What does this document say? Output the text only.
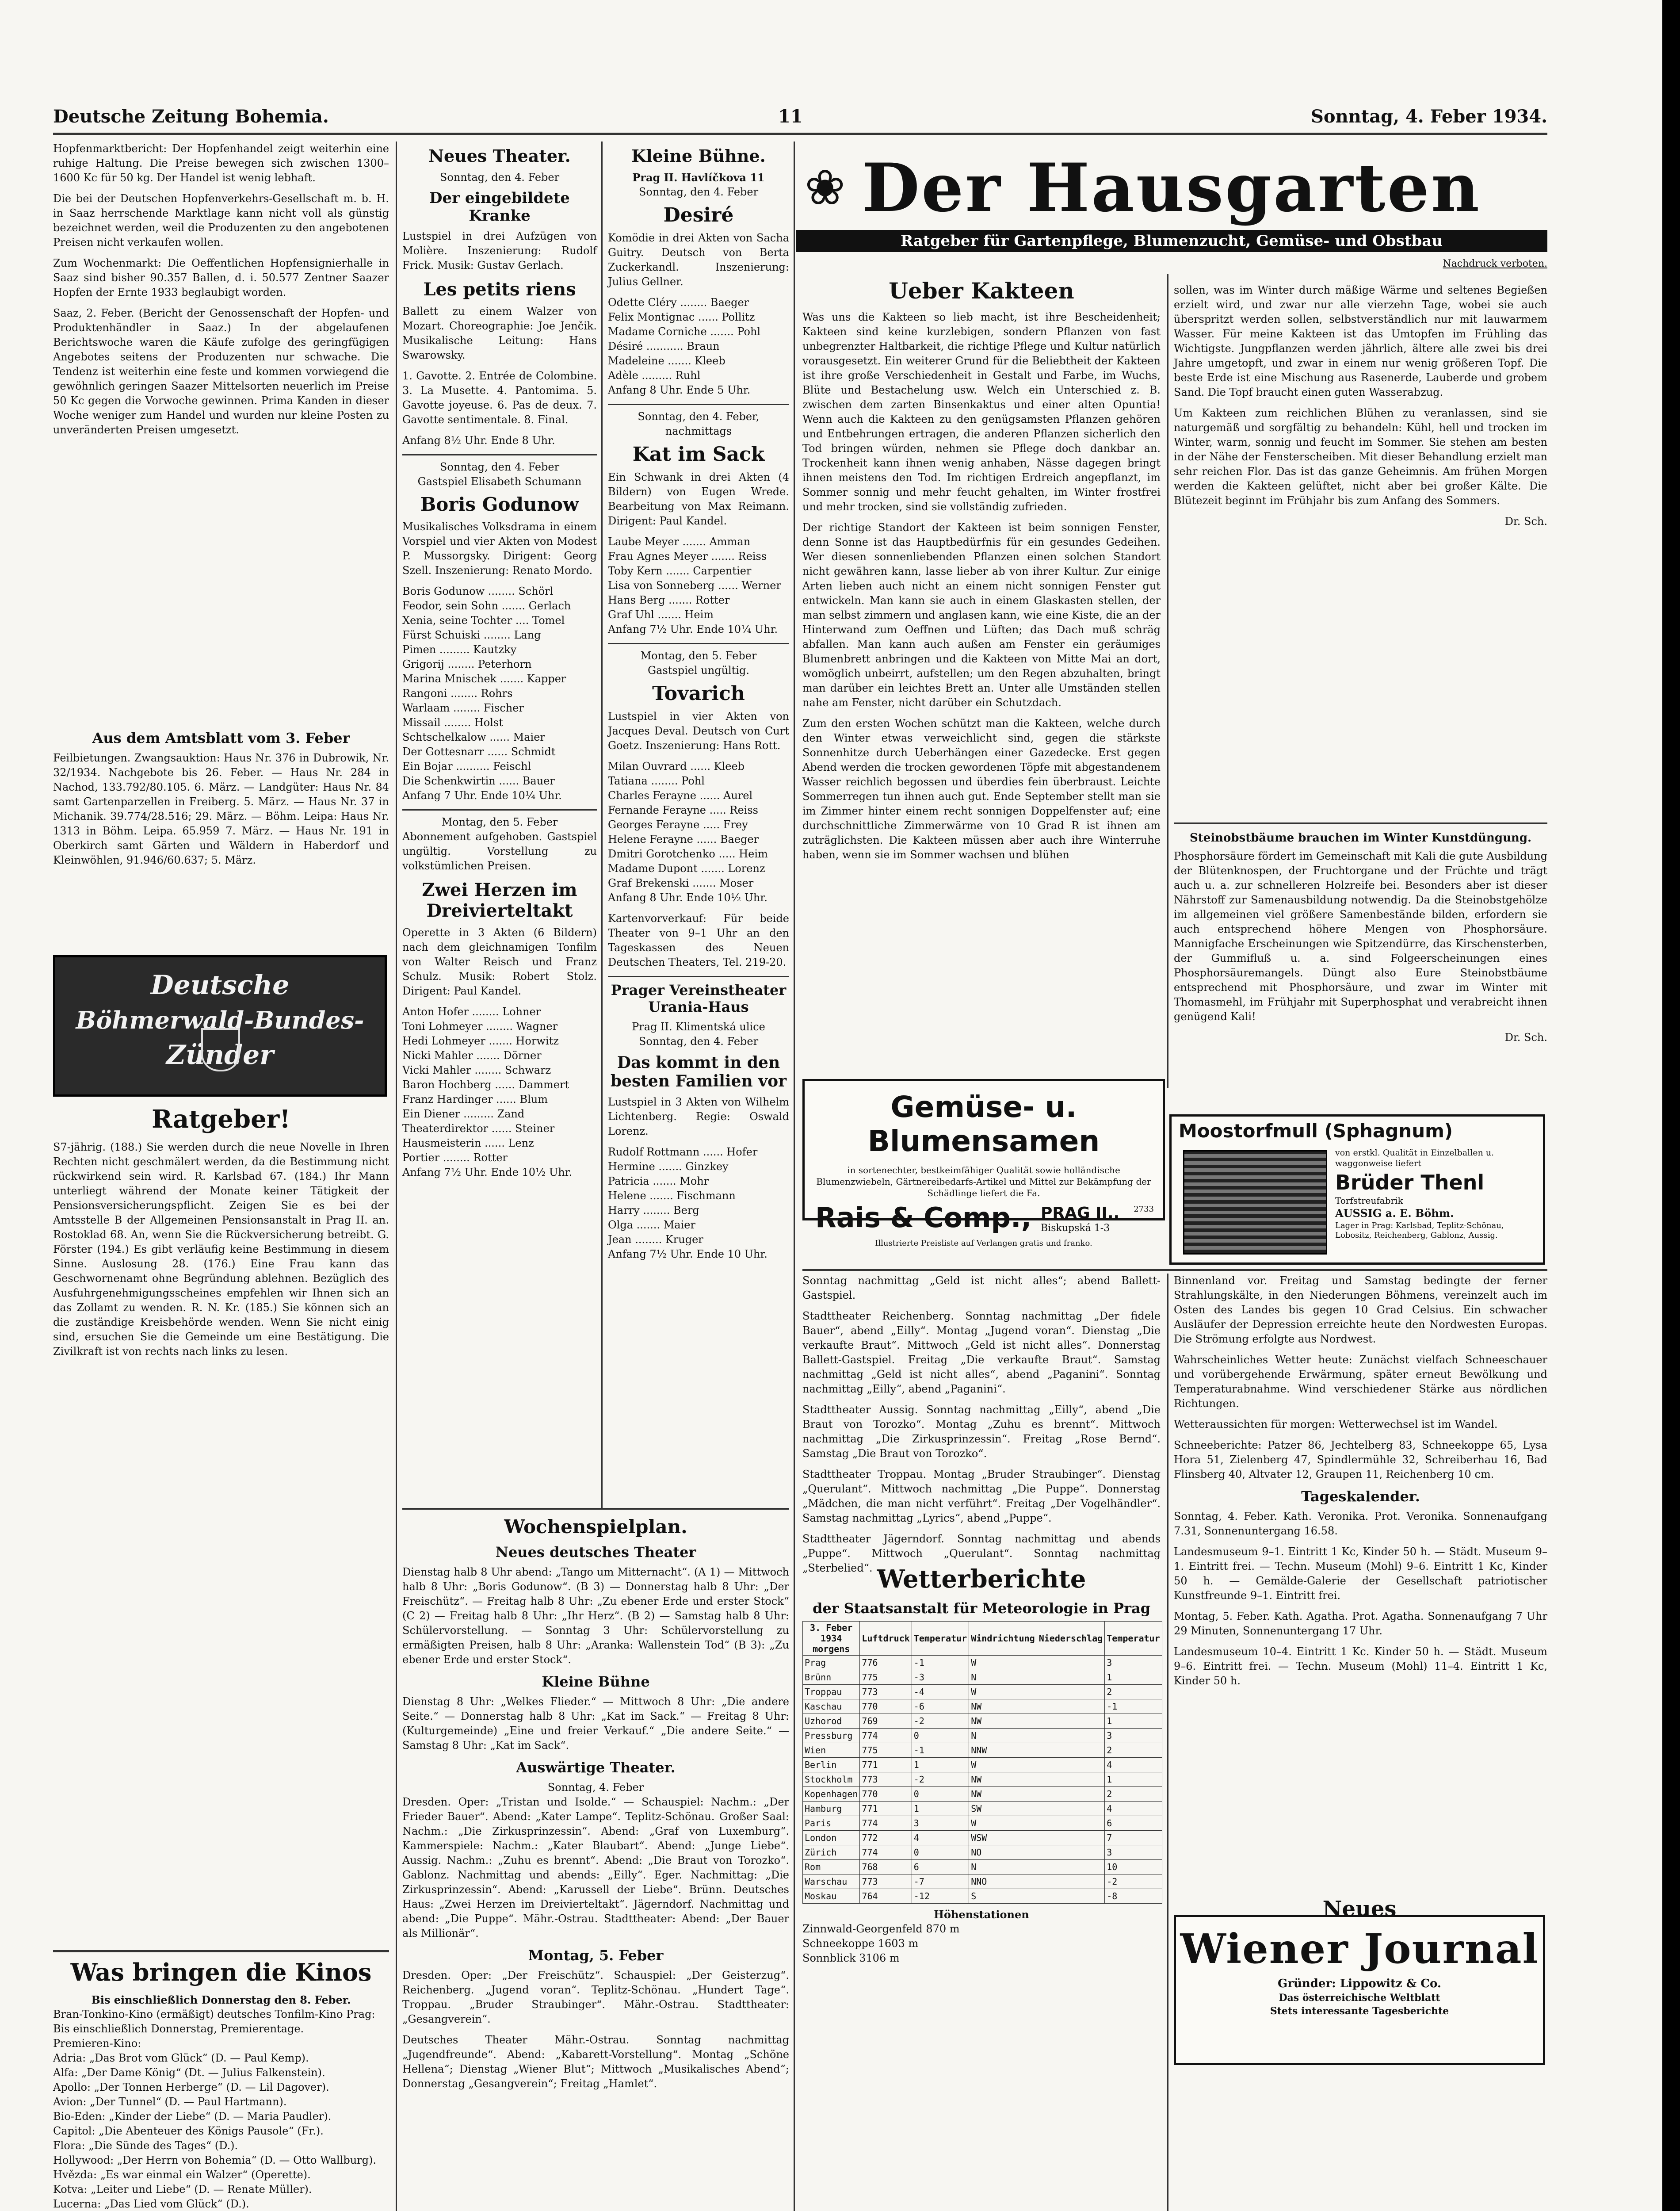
Deutsche Zeitung Bohemia.	11	Sonntag, 4. Feber 1934.

Hopfenmarktbericht: Der Hopfenhandel zeigt weiterhin eine ruhige Haltung. Die Preise bewegen sich zwischen 1300–1600 Kc für 50 kg. Der Handel ist wenig lebhaft.

Die bei der Deutschen Hopfenverkehrs-Gesellschaft m. b. H. in Saaz herrschende Marktlage kann nicht voll als günstig bezeichnet werden, weil die Produzenten zu den angebotenen Preisen nicht verkaufen wollen.

Zum Wochenmarkt: Die Oeffentlichen Hopfensignierhalle in Saaz sind bisher 90.357 Ballen, d. i. 50.577 Zentner Saazer Hopfen der Ernte 1933 beglaubigt worden.

Saaz, 2. Feber. (Bericht der Genossenschaft der Hopfen- und Produktenhändler in Saaz.) In der abgelaufenen Berichtswoche waren die Käufe zufolge des geringfügigen Angebotes seitens der Produzenten nur schwache. Die Tendenz ist weiterhin eine feste und kommen vorwiegend die gewöhnlich geringen Saazer Mittelsorten neuerlich im Preise 50 Kc gegen die Vorwoche gewinnen. Prima Kanden in dieser Woche weniger zum Handel und wurden nur kleine Posten zu unveränderten Preisen umgesetzt.

Aus dem Amtsblatt vom 3. Feber

Feilbietungen. Zwangsauktion: Haus Nr. 376 in Dubrowik, Nr. 32/1934. Nachgebote bis 26. Feber. — Haus Nr. 284 in Nachod, 133.792/80.105. 6. März. — Landgüter: Haus Nr. 84 samt Gartenparzellen in Freiberg. 5. März. — Haus Nr. 37 in Michanik. 39.774/28.516; 29. März. — Böhm. Leipa: Haus Nr. 1313 in Böhm. Leipa. 65.959 7. März. — Haus Nr. 191 in Oberkirch samt Gärten und Wäldern in Haberdorf und Kleinwöhlen, 91.946/60.637; 5. März.

Deutsche
Böhmerwald-Bundes-
Zünder
Ratgeber!

S7-jährig. (188.) Sie werden durch die neue Novelle in Ihren Rechten nicht geschmälert werden, da die Bestimmung nicht rückwirkend sein wird. R. Karlsbad 67. (184.) Ihr Mann unterliegt während der Monate keiner Tätigkeit der Pensionsversicherungspflicht. Zeigen Sie es bei der Amtsstelle B der Allgemeinen Pensionsanstalt in Prag II. an. Rostoklad 68. An, wenn Sie die Rückversicherung betreibt. G. Förster (194.) Es gibt verläufig keine Bestimmung in diesem Sinne. Auslosung 28. (176.) Eine Frau kann das Geschwornenamt ohne Begründung ablehnen. Bezüglich des Ausfuhrgenehmigungsscheines empfehlen wir Ihnen sich an das Zollamt zu wenden. R. N. Kr. (185.) Sie können sich an die zuständige Kreisbehörde wenden. Wenn Sie nicht einig sind, ersuchen Sie die Gemeinde um eine Bestätigung. Die Zivilkraft ist von rechts nach links zu lesen.

Was bringen die Kinos
Bis einschließlich Donnerstag den 8. Feber.
Bran-Tonkino-Kino (ermäßigt) deutsches Tonfilm-Kino Prag: Bis einschließlich Donnerstag, Premierentage.
Premieren-Kino:
Adria: „Das Brot vom Glück“ (D. — Paul Kemp).
Alfa: „Der Dame König“ (Dt. — Julius Falkenstein).
Apollo: „Der Tonnen Herberge“ (D. — Lil Dagover).
Avion: „Der Tunnel“ (D. — Paul Hartmann).
Bio-Eden: „Kinder der Liebe“ (D. — Maria Paudler).
Capitol: „Die Abenteuer des Königs Pausole“ (Fr.).
Flora: „Die Sünde des Tages“ (D.).
Hollywood: „Der Herrn von Bohemia“ (D. — Otto Wallburg).
Hvězda: „Es war einmal ein Walzer“ (Operette).
Kotva: „Leiter und Liebe“ (D. — Renate Müller).
Lucerna: „Das Lied vom Glück“ (D.).
Neues Theater.
Sonntag, den 4. Feber
Der eingebildete Kranke

Lustspiel in drei Aufzügen von Molière. Inszenierung: Rudolf Frick. Musik: Gustav Gerlach.

Les petits riens

Ballett zu einem Walzer von Mozart. Choreographie: Joe Jenčik. Musikalische Leitung: Hans Swarowsky.

1. Gavotte. 2. Entrée de Colombine. 3. La Musette. 4. Pantomima. 5. Gavotte joyeuse. 6. Pas de deux. 7. Gavotte sentimentale. 8. Final.

Anfang 8½ Uhr. Ende 8 Uhr.

Sonntag, den 4. Feber
Gastspiel Elisabeth Schumann
Boris Godunow

Musikalisches Volksdrama in einem Vorspiel und vier Akten von Modest P. Mussorgsky. Dirigent: Georg Szell. Inszenierung: Renato Mordo.

Boris Godunow ........ Schörl
Feodor, sein Sohn ....... Gerlach
Xenia, seine Tochter .... Tomel
Fürst Schuiski ........ Lang
Pimen ......... Kautzky
Grigorij ........ Peterhorn
Marina Mnischek ....... Kapper
Rangoni ........ Rohrs
Warlaam ........ Fischer
Missail ........ Holst
Schtschelkalow ...... Maier
Der Gottesnarr ...... Schmidt
Ein Bojar .......... Feischl
Die Schenkwirtin ...... Bauer

Anfang 7 Uhr. Ende 10¼ Uhr.

Montag, den 5. Feber

Abonnement aufgehoben. Gastspiel ungültig. Vorstellung zu volkstümlichen Preisen.

Zwei Herzen im Dreivierteltakt

Operette in 3 Akten (6 Bildern) nach dem gleichnamigen Tonfilm von Walter Reisch und Franz Schulz. Musik: Robert Stolz. Dirigent: Paul Kandel.

Anton Hofer ........ Lohner
Toni Lohmeyer ........ Wagner
Hedi Lohmeyer ....... Horwitz
Nicki Mahler ....... Dörner
Vicki Mahler ........ Schwarz
Baron Hochberg ...... Dammert
Franz Hardinger ...... Blum
Ein Diener ......... Zand
Theaterdirektor ...... Steiner
Hausmeisterin ...... Lenz
Portier ........ Rotter

Anfang 7½ Uhr. Ende 10½ Uhr.

Kleine Bühne.
Prag II. Havlíčkova 11
Sonntag, den 4. Feber
Desiré

Komödie in drei Akten von Sacha Guitry. Deutsch von Berta Zuckerkandl. Inszenierung: Julius Gellner.

Odette Cléry ........ Baeger
Felix Montignac ...... Pollitz
Madame Corniche ....... Pohl
Désiré ........... Braun
Madeleine ....... Kleeb
Adèle ......... Ruhl

Anfang 8 Uhr. Ende 5 Uhr.

Sonntag, den 4. Feber, nachmittags
Kat im Sack

Ein Schwank in drei Akten (4 Bildern) von Eugen Wrede. Bearbeitung von Max Reimann. Dirigent: Paul Kandel.

Laube Meyer ....... Amman
Frau Agnes Meyer ....... Reiss
Toby Kern ....... Carpentier
Lisa von Sonneberg ...... Werner
Hans Berg ....... Rotter
Graf Uhl ....... Heim

Anfang 7½ Uhr. Ende 10¼ Uhr.

Montag, den 5. Feber
Gastspiel ungültig.
Tovarich

Lustspiel in vier Akten von Jacques Deval. Deutsch von Curt Goetz. Inszenierung: Hans Rott.

Milan Ouvrard ...... Kleeb
Tatiana ........ Pohl
Charles Ferayne ...... Aurel
Fernande Ferayne ..... Reiss
Georges Ferayne ..... Frey
Helene Ferayne ...... Baeger
Dmitri Gorotchenko ..... Heim
Madame Dupont ....... Lorenz
Graf Brekenski ....... Moser

Anfang 8 Uhr. Ende 10½ Uhr.

Kartenvorverkauf: Für beide Theater von 9–1 Uhr an den Tageskassen des Neuen Deutschen Theaters, Tel. 219-20.

Prager Vereinstheater Urania-Haus
Prag II. Klimentská ulice
Sonntag, den 4. Feber
Das kommt in den besten Familien vor

Lustspiel in 3 Akten von Wilhelm Lichtenberg. Regie: Oswald Lorenz.

Rudolf Rottmann ...... Hofer
Hermine ....... Ginzkey
Patricia ....... Mohr
Helene ....... Fischmann
Harry ........ Berg
Olga ....... Maier
Jean ........ Kruger

Anfang 7½ Uhr. Ende 10 Uhr.

Wochenspielplan.
Neues deutsches Theater

Dienstag halb 8 Uhr abend: „Tango um Mitternacht“. (A 1) — Mittwoch halb 8 Uhr: „Boris Godunow“. (B 3) — Donnerstag halb 8 Uhr: „Der Freischütz“. — Freitag halb 8 Uhr: „Zu ebener Erde und erster Stock“ (C 2) — Freitag halb 8 Uhr: „Ihr Herz“. (B 2) — Samstag halb 8 Uhr: Schülervorstellung. — Sonntag 3 Uhr: Schülervorstellung zu ermäßigten Preisen, halb 8 Uhr: „Aranka: Wallenstein Tod“ (B 3): „Zu ebener Erde und erster Stock“.

Kleine Bühne

Dienstag 8 Uhr: „Welkes Flieder.“ — Mittwoch 8 Uhr: „Die andere Seite.“ — Donnerstag halb 8 Uhr: „Kat im Sack.“ — Freitag 8 Uhr: (Kulturgemeinde) „Eine und freier Verkauf.“ „Die andere Seite.“ — Samstag 8 Uhr: „Kat im Sack“.

Auswärtige Theater.
Sonntag, 4. Feber

Dresden. Oper: „Tristan und Isolde.“ — Schauspiel: Nachm.: „Der Frieder Bauer“. Abend: „Kater Lampe“. Teplitz-Schönau. Großer Saal: Nachm.: „Die Zirkusprinzessin“. Abend: „Graf von Luxemburg“. Kammerspiele: Nachm.: „Kater Blaubart“. Abend: „Junge Liebe“. Aussig. Nachm.: „Zuhu es brennt“. Abend: „Die Braut von Torozko“. Gablonz. Nachmittag und abends: „Eilly“. Eger. Nachmittag: „Die Zirkusprinzessin“. Abend: „Karussell der Liebe“. Brünn. Deutsches Haus: „Zwei Herzen im Dreivierteltakt“. Jägerndorf. Nachmittag und abend: „Die Puppe“. Mähr.-Ostrau. Stadttheater: Abend: „Der Bauer als Millionär“.

Montag, 5. Feber

Dresden. Oper: „Der Freischütz“. Schauspiel: „Der Geisterzug“. Reichenberg. „Jugend voran“. Teplitz-Schönau. „Hundert Tage“. Troppau. „Bruder Straubinger“. Mähr.-Ostrau. Stadttheater: „Gesangverein“.

Deutsches Theater Mähr.-Ostrau. Sonntag nachmittag „Jugendfreunde“. Abend: „Kabarett-Vorstellung“. Montag „Schöne Hellena“; Dienstag „Wiener Blut“; Mittwoch „Musikalisches Abend“; Donnerstag „Gesangverein“; Freitag „Hamlet“.

❀ Der Hausgarten
Ratgeber für Gartenpflege, Blumenzucht, Gemüse- und Obstbau
Nachdruck verboten.
Ueber Kakteen

Was uns die Kakteen so lieb macht, ist ihre Bescheidenheit; Kakteen sind keine kurzlebigen, sondern Pflanzen von fast unbegrenzter Haltbarkeit, die richtige Pflege und Kultur natürlich vorausgesetzt. Ein weiterer Grund für die Beliebtheit der Kakteen ist ihre große Verschiedenheit in Gestalt und Farbe, im Wuchs, Blüte und Bestachelung usw. Welch ein Unterschied z. B. zwischen dem zarten Binsenkaktus und einer alten Opuntia! Wenn auch die Kakteen zu den genügsamsten Pflanzen gehören und Entbehrungen ertragen, die anderen Pflanzen sicherlich den Tod bringen würden, nehmen sie Pflege doch dankbar an. Trockenheit kann ihnen wenig anhaben, Nässe dagegen bringt ihnen meistens den Tod. Im richtigen Erdreich angepflanzt, im Sommer sonnig und mehr feucht gehalten, im Winter frostfrei und mehr trocken, sind sie vollständig zufrieden.

Der richtige Standort der Kakteen ist beim sonnigen Fenster, denn Sonne ist das Hauptbedürfnis für ein gesundes Gedeihen. Wer diesen sonnenliebenden Pflanzen einen solchen Standort nicht gewähren kann, lasse lieber ab von ihrer Kultur. Zur einige Arten lieben auch nicht an einem nicht sonnigen Fenster gut entwickeln. Man kann sie auch in einem Glaskasten stellen, der man selbst zimmern und anglasen kann, wie eine Kiste, die an der Hinterwand zum Oeffnen und Lüften; das Dach muß schräg abfallen. Man kann auch außen am Fenster ein geräumiges Blumenbrett anbringen und die Kakteen von Mitte Mai an dort, womöglich unbeirrt, aufstellen; um den Regen abzuhalten, bringt man darüber ein leichtes Brett an. Unter alle Umständen stellen nahe am Fenster, nicht darüber ein Schutzdach.

Zum den ersten Wochen schützt man die Kakteen, welche durch den Winter etwas verweichlicht sind, gegen die stärkste Sonnenhitze durch Ueberhängen einer Gazedecke. Erst gegen Abend werden die trocken gewordenen Töpfe mit abgestandenem Wasser reichlich begossen und überdies fein überbraust. Leichte Sommerregen tun ihnen auch gut. Ende September stellt man sie im Zimmer hinter einem recht sonnigen Doppelfenster auf; eine durchschnittliche Zimmerwärme von 10 Grad R ist ihnen am zuträglichsten. Die Kakteen müssen aber auch ihre Winterruhe haben, wenn sie im Sommer wachsen und blühen

sollen, was im Winter durch mäßige Wärme und seltenes Begießen erzielt wird, und zwar nur alle vierzehn Tage, wobei sie auch überspritzt werden sollen, selbstverständlich nur mit lauwarmem Wasser. Für meine Kakteen ist das Umtopfen im Frühling das Wichtigste. Jungpflanzen werden jährlich, ältere alle zwei bis drei Jahre umgetopft, und zwar in einem nur wenig größeren Topf. Die beste Erde ist eine Mischung aus Rasenerde, Lauberde und grobem Sand. Die Topf braucht einen guten Wasserabzug.

Um Kakteen zum reichlichen Blühen zu veranlassen, sind sie naturgemäß und sorgfältig zu behandeln: Kühl, hell und trocken im Winter, warm, sonnig und feucht im Sommer. Sie stehen am besten in der Nähe der Fensterscheiben. Mit dieser Behandlung erzielt man sehr reichen Flor. Das ist das ganze Geheimnis. Am frühen Morgen werden die Kakteen gelüftet, nicht aber bei großer Kälte. Die Blütezeit beginnt im Frühjahr bis zum Anfang des Sommers.

Dr. Sch.

Gemüse- u. Blumensamen

in sortenechter, bestkeimfähiger Qualität sowie holländische Blumenzwiebeln, Gärtnereibedarfs-Artikel und Mittel zur Bekämpfung der Schädlinge liefert die Fa.

Rais & Comp., PRAG II.,
Biskupská 1-3
Illustrierte Preisliste auf Verlangen gratis und franko.
2733
Steinobstbäume brauchen im Winter Kunstdüngung.

Phosphorsäure fördert im Gemeinschaft mit Kali die gute Ausbildung der Blütenknospen, der Fruchtorgane und der Früchte und trägt auch u. a. zur schnelleren Holzreife bei. Besonders aber ist dieser Nährstoff zur Samenausbildung notwendig. Da die Steinobstgehölze im allgemeinen viel größere Samenbestände bilden, erfordern sie auch entsprechend höhere Mengen von Phosphorsäure. Mannigfache Erscheinungen wie Spitzendürre, das Kirschensterben, der Gummifluß u. a. sind Folgeerscheinungen eines Phosphorsäuremangels. Düngt also Eure Steinobstbäume entsprechend mit Phosphorsäure, und zwar im Winter mit Thomasmehl, im Frühjahr mit Superphosphat und verabreicht ihnen genügend Kali!

Dr. Sch.

Moostorfmull (Sphagnum)
von erstkl. Qualität in Einzelballen u. waggonweise liefert
Brüder Thenl
Torfstreufabrik
AUSSIG a. E. Böhm.
Lager in Prag: Karlsbad, Teplitz-Schönau, Lobositz, Reichenberg, Gablonz, Aussig.

Sonntag nachmittag „Geld ist nicht alles“; abend Ballett-Gastspiel.

Stadttheater Reichenberg. Sonntag nachmittag „Der fidele Bauer“, abend „Eilly“. Montag „Jugend voran“. Dienstag „Die verkaufte Braut“. Mittwoch „Geld ist nicht alles“. Donnerstag Ballett-Gastspiel. Freitag „Die verkaufte Braut“. Samstag nachmittag „Geld ist nicht alles“, abend „Paganini“. Sonntag nachmittag „Eilly“, abend „Paganini“.

Stadttheater Aussig. Sonntag nachmittag „Eilly“, abend „Die Braut von Torozko“. Montag „Zuhu es brennt“. Mittwoch nachmittag „Die Zirkusprinzessin“. Freitag „Rose Bernd“. Samstag „Die Braut von Torozko“.

Stadttheater Troppau. Montag „Bruder Straubinger“. Dienstag „Querulant“. Mittwoch nachmittag „Die Puppe“. Donnerstag „Mädchen, die man nicht verführt“. Freitag „Der Vogelhändler“. Samstag nachmittag „Lyrics“, abend „Puppe“.

Stadttheater Jägerndorf. Sonntag nachmittag und abends „Puppe“. Mittwoch „Querulant“. Sonntag nachmittag „Sterbelied“. Wetterberichte
der Staatsanstalt für Meteorologie in Prag
3. Feber 1934 morgens	Luftdruck	Temperatur	Windrichtung	Niederschlag	Temperatur
Prag	776	-1	W		3
Brünn	775	-3	N		1
Troppau	773	-4	W		2
Kaschau	770	-6	NW		-1
Uzhorod	769	-2	NW		1
Pressburg	774	0	N		3
Wien	775	-1	NNW		2
Berlin	771	1	W		4
Stockholm	773	-2	NW		1
Kopenhagen	770	0	NW		2
Hamburg	771	1	SW		4
Paris	774	3	W		6
London	772	4	WSW		7
Zürich	774	0	NO		3
Rom	768	6	N		10
Warschau	773	-7	NNO		-2
Moskau	764	-12	S		-8
Höhenstationen
Zinnwald-Georgenfeld 870 m
Schneekoppe 1603 m
Sonnblick 3106 m

Binnenland vor. Freitag und Samstag bedingte der ferner Strahlungskälte, in den Niederungen Böhmens, vereinzelt auch im Osten des Landes bis gegen 10 Grad Celsius. Ein schwacher Ausläufer der Depression erreichte heute den Nordwesten Europas. Die Strömung erfolgte aus Nordwest.

Wahrscheinliches Wetter heute: Zunächst vielfach Schneeschauer und vorübergehende Erwärmung, später erneut Bewölkung und Temperaturabnahme. Wind verschiedener Stärke aus nördlichen Richtungen.

Wetteraussichten für morgen: Wetterwechsel ist im Wandel.

Schneeberichte: Patzer 86, Jechtelberg 83, Schneekoppe 65, Lysa Hora 51, Zielenberg 47, Spindlermühle 32, Schreiberhau 16, Bad Flinsberg 40, Altvater 12, Graupen 11, Reichenberg 10 cm.

Tageskalender.

Sonntag, 4. Feber. Kath. Veronika. Prot. Veronika. Sonnenaufgang 7.31, Sonnenuntergang 16.58.

Landesmuseum 9–1. Eintritt 1 Kc, Kinder 50 h. — Städt. Museum 9–1. Eintritt frei. — Techn. Museum (Mohl) 9–6. Eintritt 1 Kc, Kinder 50 h. — Gemälde-Galerie der Gesellschaft patriotischer Kunstfreunde 9–1. Eintritt frei.

Montag, 5. Feber. Kath. Agatha. Prot. Agatha. Sonnenaufgang 7 Uhr 29 Minuten, Sonnenuntergang 17 Uhr.

Landesmuseum 10–4. Eintritt 1 Kc. Kinder 50 h. — Städt. Museum 9–6. Eintritt frei. — Techn. Museum (Mohl) 11–4. Eintritt 1 Kc, Kinder 50 h.

Neues
Wiener Journal
Gründer: Lippowitz & Co.
Das österreichische Weltblatt
Stets interessante Tagesberichte
